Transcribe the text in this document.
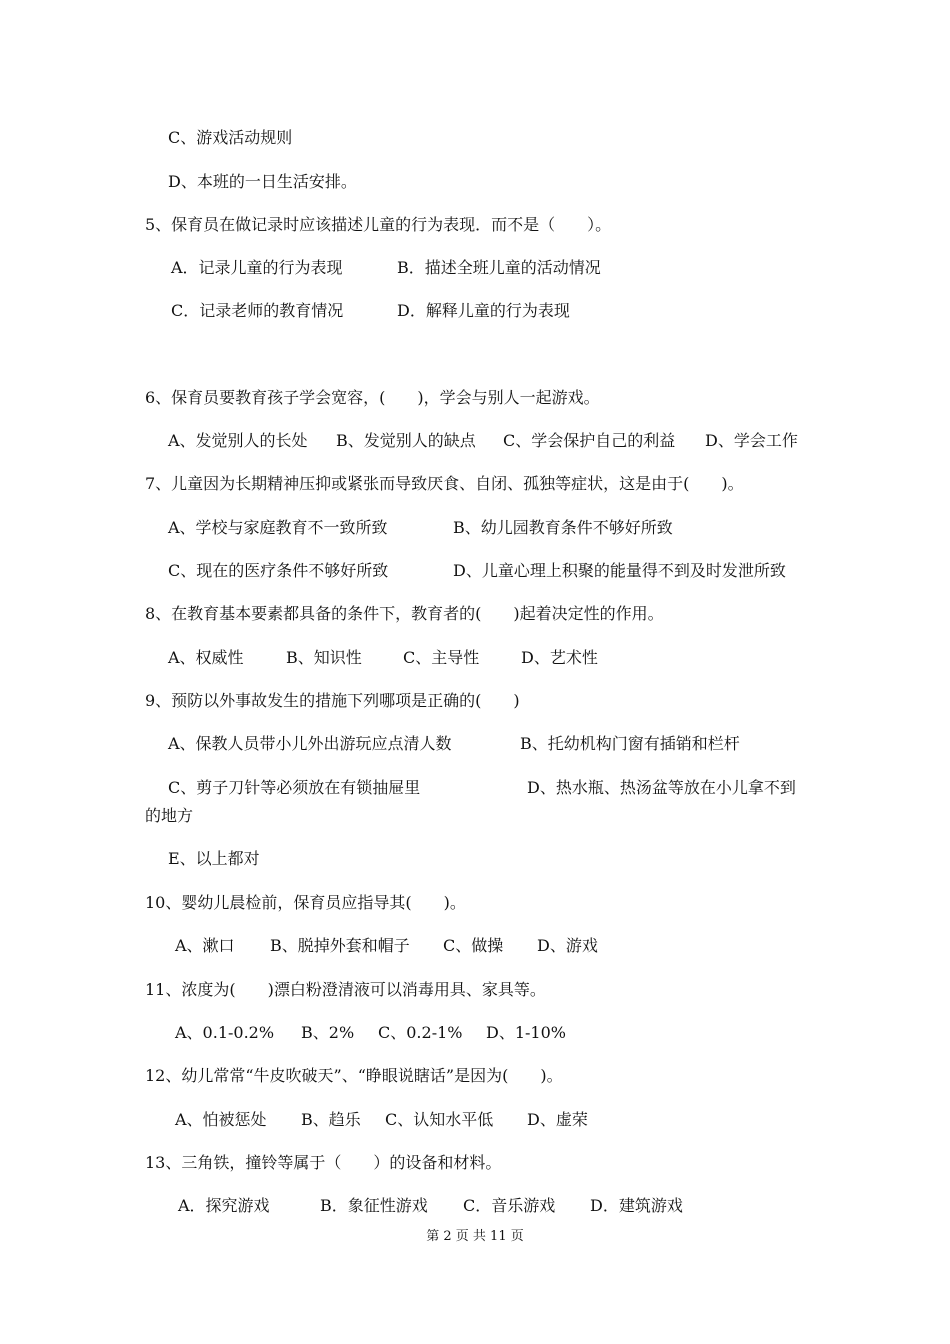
C、游戏活动规则
D、本班的一日生活安排。
5、保育员在做记录时应该描述儿童的行为表现．而不是（　　）。
A．记录儿童的行为表现	B．描述全班儿童的活动情况
C．记录老师的教育情况	D．解释儿童的行为表现
6、保育员要教育孩子学会宽容，(　　)，学会与别人一起游戏。
A、发觉别人的长处 B、发觉别人的缺点 C、学会保护自己的利益 D、学会工作
7、儿童因为长期精神压抑或紧张而导致厌食、自闭、孤独等症状，这是由于(　　)。
A、学校与家庭教育不一致所致	B、幼儿园教育条件不够好所致
C、现在的医疗条件不够好所致	D、儿童心理上积聚的能量得不到及时发泄所致
8、在教育基本要素都具备的条件下，教育者的(　　)起着决定性的作用。
A、权威性	B、知识性	C、主导性	D、艺术性
9、预防以外事故发生的措施下列哪项是正确的(　　)
A、保教人员带小儿外出游玩应点清人数	B、托幼机构门窗有插销和栏杆
C、剪子刀针等必须放在有锁抽屉里	D、热水瓶、热汤盆等放在小儿拿不到
的地方
E、以上都对
10、婴幼儿晨检前，保育员应指导其(　　)。
A、漱口 B、脱掉外套和帽子 C、做操 D、游戏
11、浓度为(　　)漂白粉澄清液可以消毒用具、家具等。
A、0.1-0.2% B、2% C、0.2-1% D、1-10%
12、幼儿常常“牛皮吹破天”、“睁眼说瞎话”是因为(　　)。
A、怕被惩处 B、趋乐 C、认知水平低 D、虚荣
13、三角铁，撞铃等属于（　　）的设备和材料。
A．探究游戏	B．象征性游戏 C．音乐游戏 D．建筑游戏
第 2 页 共 11 页
